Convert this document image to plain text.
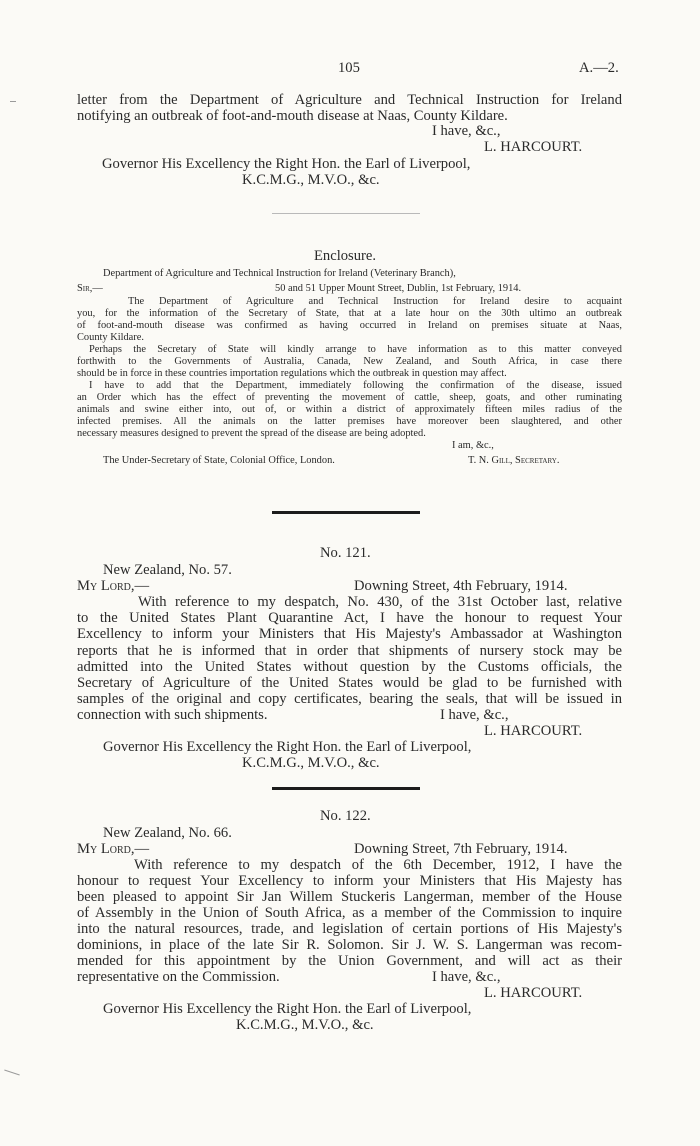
105	A.—2.
letter from the Department of Agriculture and Technical Instruction for Ireland
notifying an outbreak of foot-and-mouth disease at Naas, County Kildare.
I have, &c.,
L. HARCOURT.
Governor His Excellency the Right Hon. the Earl of Liverpool,
K.C.M.G., M.V.O., &c.
Enclosure.
Department of Agriculture and Technical Instruction for Ireland (Veterinary Branch),
Sir,—	50 and 51 Upper Mount Street, Dublin, 1st February, 1914.
The Department of Agriculture and Technical Instruction for Ireland desire to acquaint
you, for the information of the Secretary of State, that at a late hour on the 30th ultimo an outbreak
of foot-and-mouth disease was confirmed as having occurred in Ireland on premises situate at Naas,
County Kildare.
Perhaps the Secretary of State will kindly arrange to have information as to this matter conveyed
forthwith to the Governments of Australia, Canada, New Zealand, and South Africa, in case there
should be in force in these countries importation regulations which the outbreak in question may affect.
I have to add that the Department, immediately following the confirmation of the disease, issued
an Order which has the effect of preventing the movement of cattle, sheep, goats, and other ruminating
animals and swine either into, out of, or within a district of approximately fifteen miles radius of the
infected premises. All the animals on the latter premises have moreover been slaughtered, and other
necessary measures designed to prevent the spread of the disease are being adopted.
I am, &c.,
The Under-Secretary of State, Colonial Office, London.	T. N. Gill, Secretary.
No. 121.
New Zealand, No. 57.
My Lord,—	Downing Street, 4th February, 1914.
With reference to my despatch, No. 430, of the 31st October last, relative
to the United States Plant Quarantine Act, I have the honour to request Your
Excellency to inform your Ministers that His Majesty's Ambassador at Washington
reports that he is informed that in order that shipments of nursery stock may be
admitted into the United States without question by the Customs officials, the
Secretary of Agriculture of the United States would be glad to be furnished with
samples of the original and copy certificates, bearing the seals, that will be issued in
connection with such shipments.	I have, &c.,
L. HARCOURT.
Governor His Excellency the Right Hon. the Earl of Liverpool,
K.C.M.G., M.V.O., &c.
No. 122.
New Zealand, No. 66.
My Lord,—	Downing Street, 7th February, 1914.
With reference to my despatch of the 6th December, 1912, I have the
honour to request Your Excellency to inform your Ministers that His Majesty has
been pleased to appoint Sir Jan Willem Stuckeris Langerman, member of the House
of Assembly in the Union of South Africa, as a member of the Commission to inquire
into the natural resources, trade, and legislation of certain portions of His Majesty's
dominions, in place of the late Sir R. Solomon. Sir J. W. S. Langerman was recom-
mended for this appointment by the Union Government, and will act as their
representative on the Commission.	I have, &c.,
L. HARCOURT.
Governor His Excellency the Right Hon. the Earl of Liverpool,
K.C.M.G., M.V.O., &c.
